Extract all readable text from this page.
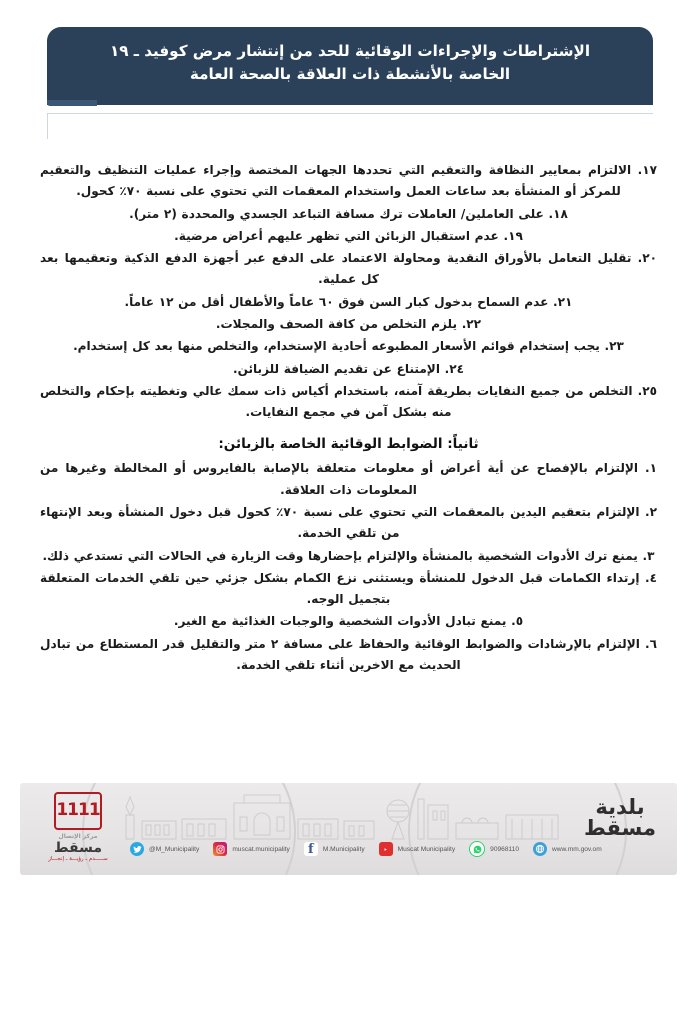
الإشتراطات والإجراءات الوقائية للحد من إنتشار مرض كوفيد ـ ١٩
الخاصة بالأنشطة ذات العلاقة بالصحة العامة

١٧. الالتزام بمعايير النظافة والتعقيم التي تحددها الجهات المختصة وإجراء عمليات التنظيف والتعقيم للمركز أو المنشأة بعد ساعات العمل واستخدام المعقمات التي تحتوي على نسبة ٧٠٪ كحول.

١٨. على العاملين/ العاملات ترك مسافة التباعد الجسدي والمحددة (٢ متر).

١٩. عدم استقبال الزبائن التي تظهر عليهم أعراض مرضية.

٢٠. تقليل التعامل بالأوراق النقدية ومحاولة الاعتماد على الدفع عبر أجهزة الدفع الذكية وتعقيمها بعد كل عملية.

٢١. عدم السماح بدخول كبار السن فوق ٦٠ عاماً والأطفال أقل من ١٢ عاماً.

٢٢. يلزم التخلص من كافة الصحف والمجلات.

٢٣. يجب إستخدام قوائم الأسعار المطبوعه أحادية الإستخدام، والتخلص منها بعد كل إستخدام.

٢٤. الإمتناع عن تقديم الضيافة للزبائن.

٢٥. التخلص من جميع النفايات بطريقة آمنه، باستخدام أكياس ذات سمك عالي وتغطيته بإحكام والتخلص منه بشكل آمن في مجمع النفايات.

ثانياً: الضوابط الوقائية الخاصة بالزبائن:

١. الإلتزام بالإفصاح عن أية أعراض أو معلومات متعلقة بالإصابة بالفايروس أو المخالطة وغيرها من المعلومات ذات العلاقة.

٢. الإلتزام بتعقيم اليدين بالمعقمات التي تحتوي على نسبة ٧٠٪ كحول قبل دخول المنشأة وبعد الإنتهاء من تلقي الخدمة.

٣. يمنع ترك الأدوات الشخصية بالمنشأة والإلتزام بإحضارها وقت الزيارة في الحالات التي تستدعي ذلك.

٤. إرتداء الكمامات قبل الدخول للمنشأة ويستثنى نزع الكمام بشكل جزئي حين تلقي الخدمات المتعلقة بتجميل الوجه.

٥. يمنع تبادل الأدوات الشخصية والوجبات الغذائية مع الغير.

٦. الإلتزام بالإرشادات والضوابط الوقائية والحفاظ على مسافة ٢ متر والتقليل قدر المستطاع من تبادل الحديث مع الاخرين أثناء تلقي الخدمة.

1111
مركز الإتصال
مسقط
ســـــدم ـ رؤيـــة ـ إنجـــاز
@M_Municipality	muscat.municipality	f	M.Municipality	Muscat Municipality	90968110	www.mm.gov.om
بلدية
مسقط
